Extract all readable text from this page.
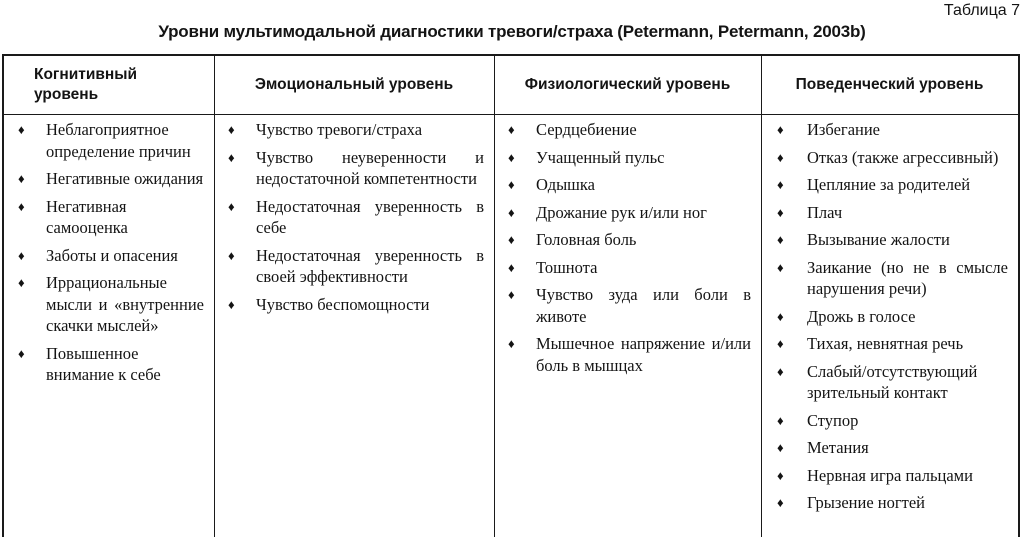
Таблица 7
Уровни мультимодальной диагностики тревоги/страха (Petermann, Petermann, 2003b)
Когнитивный уровень
♦ Неблагоприятное определение причин
♦ Негативные ожидания
♦ Негативная самооценка
♦ Заботы и опасения
♦ Иррациональные мысли и «внутренние скачки мыслей»
♦ Повышенное внимание к себе
Эмоциональный уровень
♦ Чувство тревоги/страха
♦ Чувство неуверенности и недостаточной компетентности
♦ Недостаточная уверенность в себе
♦ Недостаточная уверенность в своей эффективности
♦ Чувство беспомощности
Физиологический уровень
♦ Сердцебиение
♦ Учащенный пульс
♦ Одышка
♦ Дрожание рук и/или ног
♦ Головная боль
♦ Тошнота
♦ Чувство зуда или боли в животе
♦ Мышечное напряжение и/или боль в мышцах
Поведенческий уровень
♦ Избегание
♦ Отказ (также агрессивный)
♦ Цепляние за родителей
♦ Плач
♦ Вызывание жалости
♦ Заикание (но не в смысле нарушения речи)
♦ Дрожь в голосе
♦ Тихая, невнятная речь
♦ Слабый/отсутствующий зрительный контакт
♦ Ступор
♦ Метания
♦ Нервная игра пальцами
♦ Грызение ногтей
